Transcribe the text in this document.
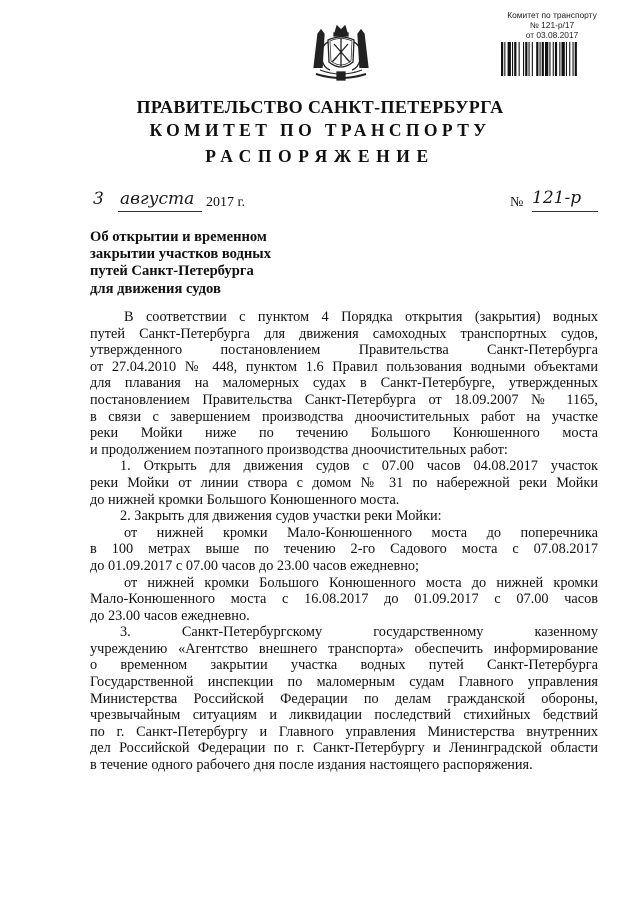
Комитет по транспорту
№ 121-р/17
от 03.08.2017
ПРАВИТЕЛЬСТВО САНКТ-ПЕТЕРБУРГА
КОМИТЕТ ПО ТРАНСПОРТУ
РАСПОРЯЖЕНИЕ
3 августа 2017 г.	№ 121-р
Об открытии и временном
закрытии участков водных
путей Санкт-Петербурга
для движения судов
В соответствии с пунктом 4 Порядка открытия (закрытия) водных
путей Санкт-Петербурга для движения самоходных транспортных судов,
утвержденного постановлением Правительства Санкт-Петербурга
от 27.04.2010 № 448, пунктом 1.6 Правил пользования водными объектами
для плавания на маломерных судах в Санкт-Петербурге, утвержденных
постановлением Правительства Санкт-Петербурга от 18.09.2007 № 1165,
в связи с завершением производства дноочистительных работ на участке
реки Мойки ниже по течению Большого Конюшенного моста
и продолжением поэтапного производства дноочистительных работ:
1. Открыть для движения судов с 07.00 часов 04.08.2017 участок
реки Мойки от линии створа с домом № 31 по набережной реки Мойки
до нижней кромки Большого Конюшенного моста.
2. Закрыть для движения судов участки реки Мойки:
от нижней кромки Мало-Конюшенного моста до поперечника
в 100 метрах выше по течению 2-го Садового моста с 07.08.2017
до 01.09.2017 с 07.00 часов до 23.00 часов ежедневно;
от нижней кромки Большого Конюшенного моста до нижней кромки
Мало-Конюшенного моста с 16.08.2017 до 01.09.2017 с 07.00 часов
до 23.00 часов ежедневно.
3. Санкт-Петербургскому государственному казенному
учреждению «Агентство внешнего транспорта» обеспечить информирование
о временном закрытии участка водных путей Санкт-Петербурга
Государственной инспекции по маломерным судам Главного управления
Министерства Российской Федерации по делам гражданской обороны,
чрезвычайным ситуациям и ликвидации последствий стихийных бедствий
по г. Санкт-Петербургу и Главного управления Министерства внутренних
дел Российской Федерации по г. Санкт-Петербургу и Ленинградской области
в течение одного рабочего дня после издания настоящего распоряжения.
